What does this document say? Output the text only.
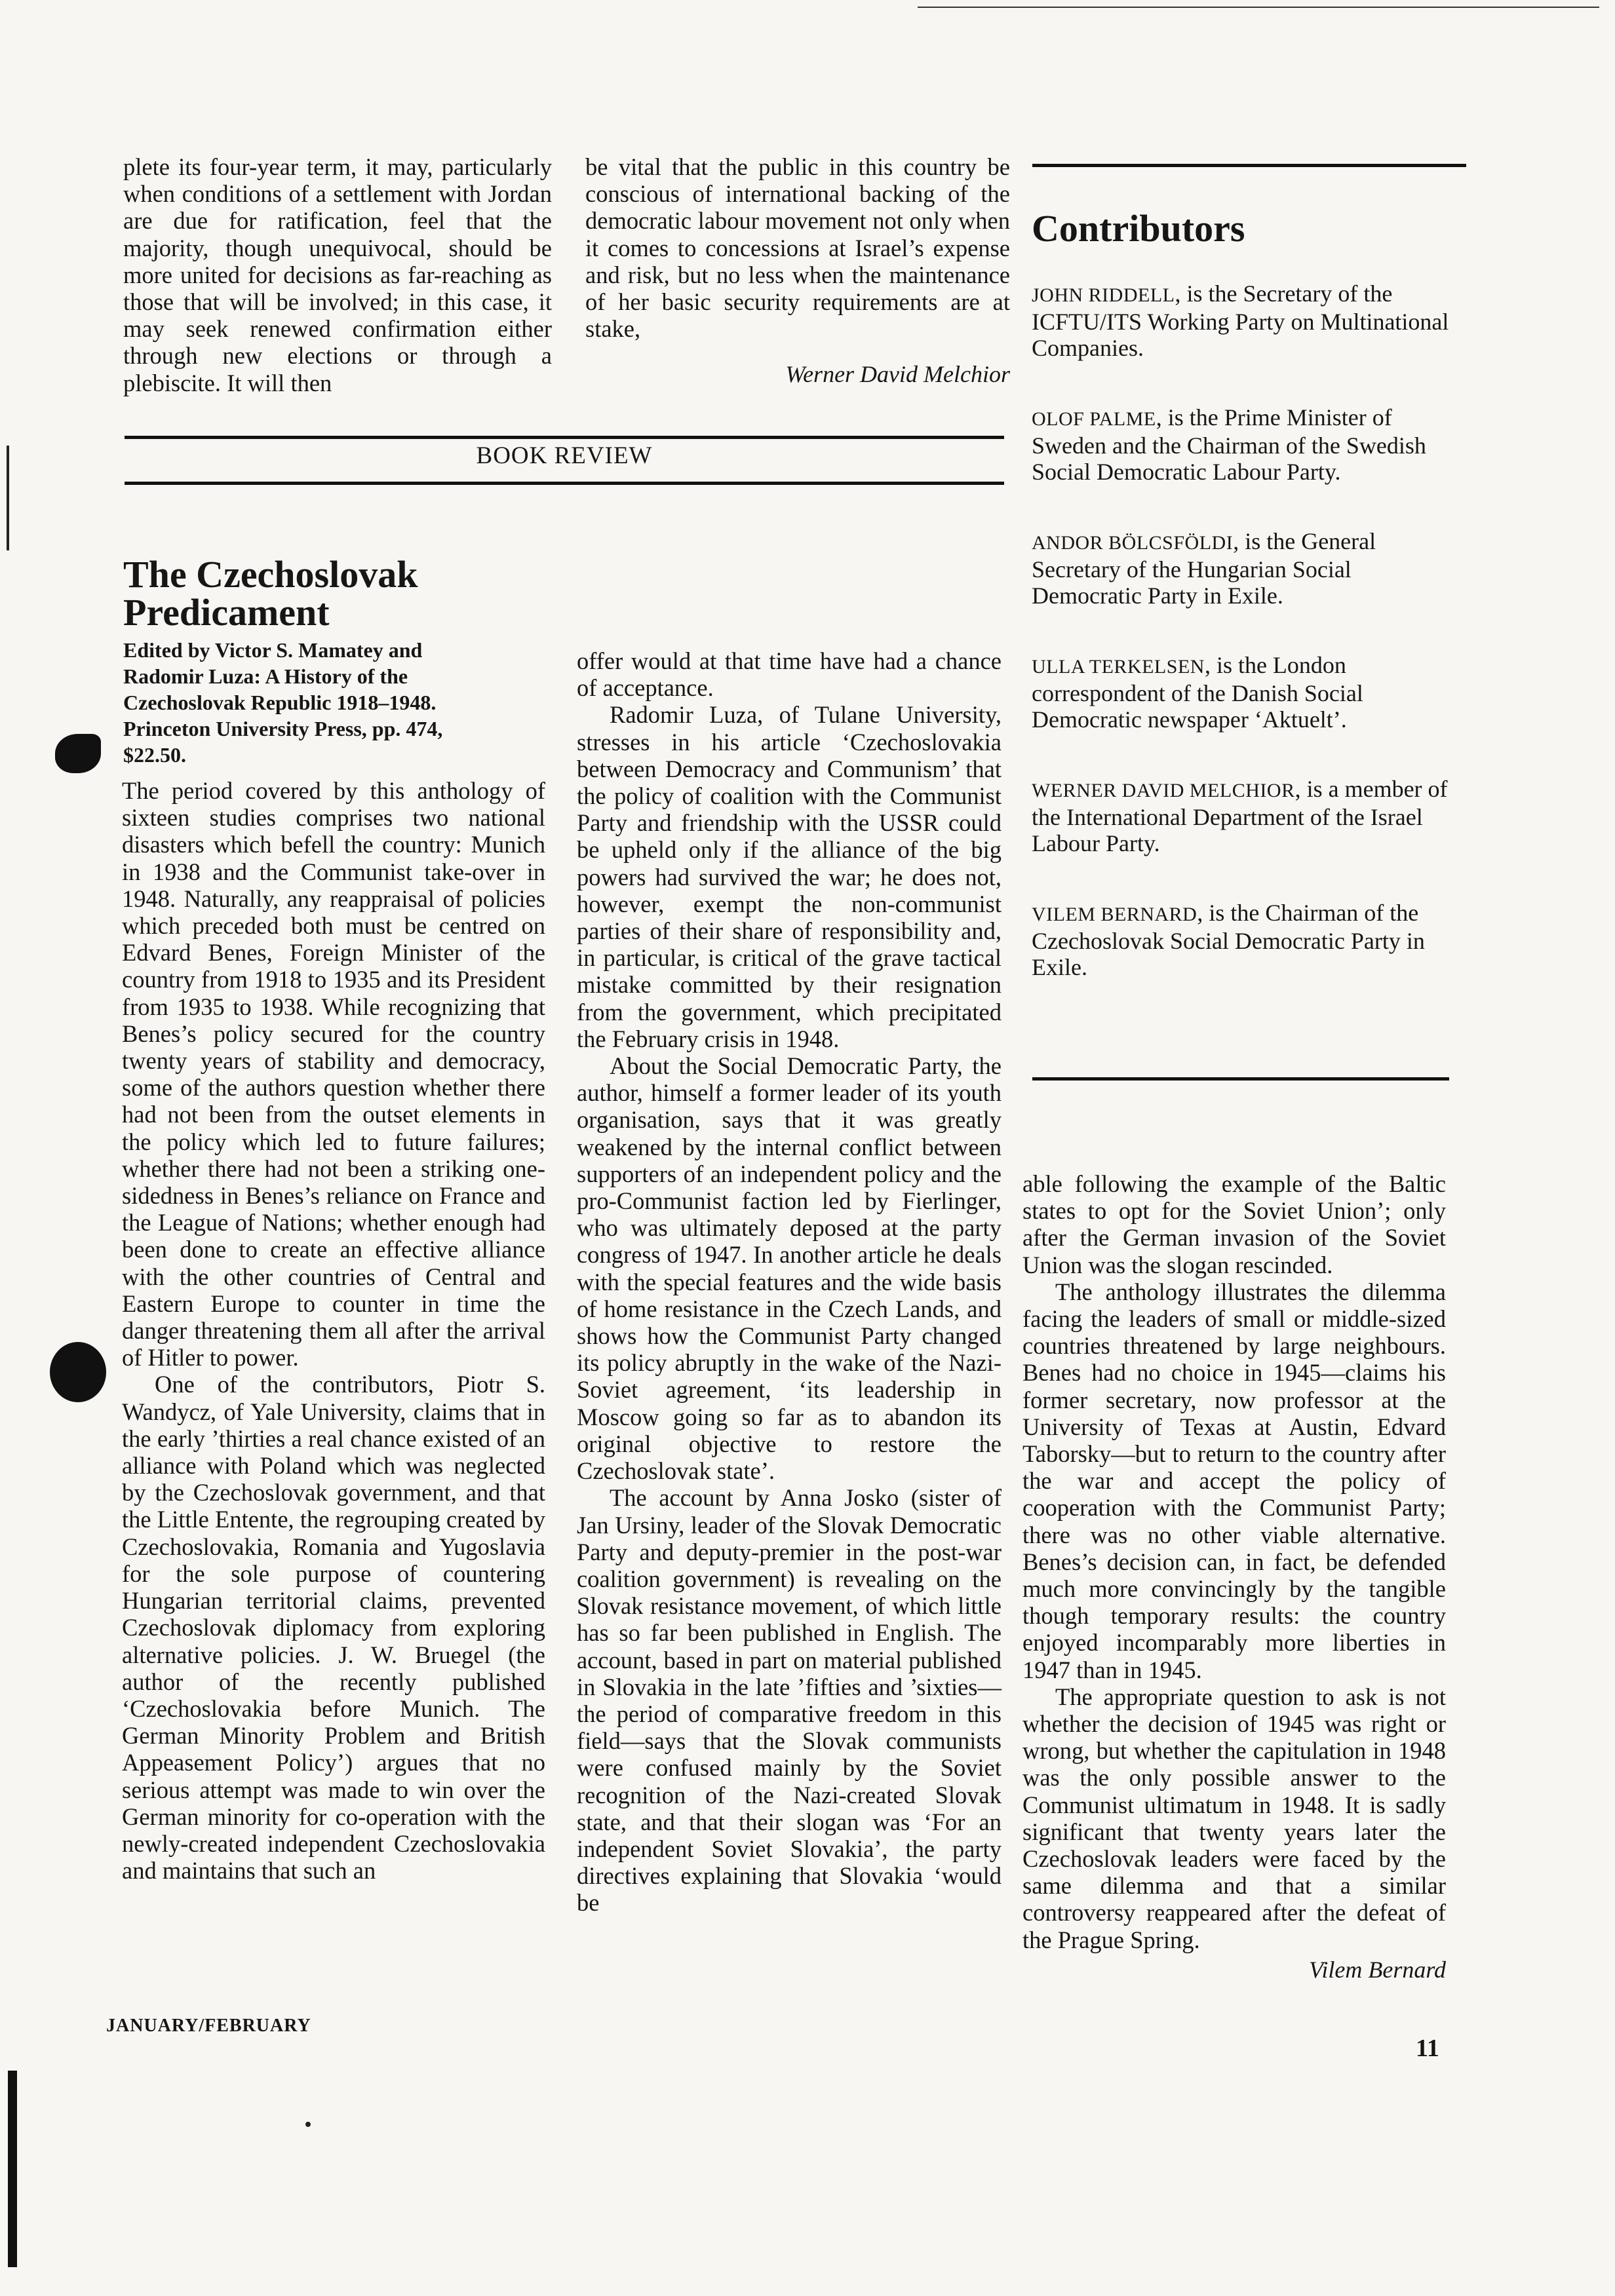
plete its four-year term, it may, particularly when conditions of a settlement with Jordan are due for ratification, feel that the majority, though unequivocal, should be more united for decisions as far-reaching as those that will be involved; in this case, it may seek renewed confirmation either through new elections or through a plebiscite. It will then

be vital that the public in this country be conscious of international backing of the democratic labour movement not only when it comes to concessions at Israel’s expense and risk, but no less when the maintenance of her basic security requirements are at stake,

Werner David Melchior
BOOK REVIEW
The Czechoslovak Predicament
Edited by Victor S. Mamatey and Radomir Luza: A History of the Czechoslovak Republic 1918–1948. Princeton University Press, pp. 474, $22.50.

The period covered by this anthology of sixteen studies comprises two national disasters which befell the country: Munich in 1938 and the Communist take-over in 1948. Naturally, any reappraisal of policies which preceded both must be centred on Edvard Benes, Foreign Minister of the country from 1918 to 1935 and its President from 1935 to 1938. While recognizing that Benes’s policy secured for the country twenty years of stability and democracy, some of the authors question whether there had not been from the outset elements in the policy which led to future failures; whether there had not been a striking one-sidedness in Benes’s reliance on France and the League of Nations; whether enough had been done to create an effective alliance with the other countries of Central and Eastern Europe to counter in time the danger threatening them all after the arrival of Hitler to power.

One of the contributors, Piotr S. Wandycz, of Yale University, claims that in the early ’thirties a real chance existed of an alliance with Poland which was neglected by the Czechoslovak government, and that the Little Entente, the regrouping created by Czechoslovakia, Romania and Yugoslavia for the sole purpose of countering Hungarian territorial claims, prevented Czechoslovak diplomacy from exploring alternative policies. J. W. Bruegel (the author of the recently published ‘Czechoslovakia before Munich. The German Minority Problem and British Appeasement Policy’) argues that no serious attempt was made to win over the German minority for co-operation with the newly-created independent Czechoslovakia and maintains that such an

offer would at that time have had a chance of acceptance.

Radomir Luza, of Tulane University, stresses in his article ‘Czechoslovakia between Democracy and Communism’ that the policy of coalition with the Communist Party and friendship with the USSR could be upheld only if the alliance of the big powers had survived the war; he does not, however, exempt the non-communist parties of their share of responsibility and, in particular, is critical of the grave tactical mistake committed by their resignation from the government, which precipitated the February crisis in 1948.

About the Social Democratic Party, the author, himself a former leader of its youth organisation, says that it was greatly weakened by the internal conflict between supporters of an independent policy and the pro-Communist faction led by Fierlinger, who was ultimately deposed at the party congress of 1947. In another article he deals with the special features and the wide basis of home resistance in the Czech Lands, and shows how the Communist Party changed its policy abruptly in the wake of the Nazi-Soviet agreement, ‘its leadership in Moscow going so far as to abandon its original objective to restore the Czechoslovak state’.

The account by Anna Josko (sister of Jan Ursiny, leader of the Slovak Democratic Party and deputy-premier in the post-war coalition government) is revealing on the Slovak resistance movement, of which little has so far been published in English. The account, based in part on material published in Slovakia in the late ’fifties and ’sixties—the period of comparative freedom in this field—says that the Slovak communists were confused mainly by the Soviet recognition of the Nazi-created Slovak state, and that their slogan was ‘For an independent Soviet Slovakia’, the party directives explaining that Slovakia ‘would be

Contributors

JOHN RIDDELL, is the Secretary of the ICFTU/ITS Working Party on Multinational Companies.

OLOF PALME, is the Prime Minister of Sweden and the Chairman of the Swedish Social Democratic Labour Party.

ANDOR BÖLCSFÖLDI, is the General Secretary of the Hungarian Social Democratic Party in Exile.

ULLA TERKELSEN, is the London correspondent of the Danish Social Democratic newspaper ‘Aktuelt’.

WERNER DAVID MELCHIOR, is a member of the International Department of the Israel Labour Party.

VILEM BERNARD, is the Chairman of the Czechoslovak Social Democratic Party in Exile.

able following the example of the Baltic states to opt for the Soviet Union’; only after the German invasion of the Soviet Union was the slogan rescinded.

The anthology illustrates the dilemma facing the leaders of small or middle-sized countries threatened by large neighbours. Benes had no choice in 1945—claims his former secretary, now professor at the University of Texas at Austin, Edvard Taborsky—but to return to the country after the war and accept the policy of cooperation with the Communist Party; there was no other viable alternative. Benes’s decision can, in fact, be defended much more convincingly by the tangible though temporary results: the country enjoyed incomparably more liberties in 1947 than in 1945.

The appropriate question to ask is not whether the decision of 1945 was right or wrong, but whether the capitulation in 1948 was the only possible answer to the Communist ultimatum in 1948. It is sadly significant that twenty years later the Czechoslovak leaders were faced by the same dilemma and that a similar controversy reappeared after the defeat of the Prague Spring.

Vilem Bernard
JANUARY/FEBRUARY
11
